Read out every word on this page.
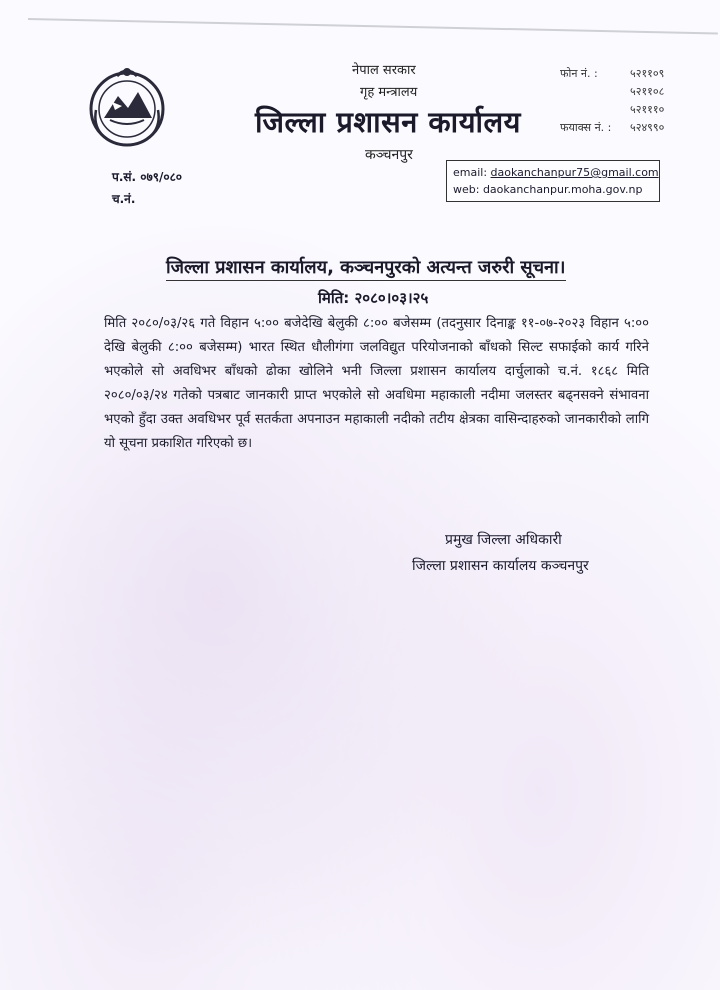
नेपाल सरकार
गृह मन्त्रालय
जिल्ला प्रशासन कार्यालय
कञ्चनपुर
फोन नं. :	५२११०९
५२११०८
५२१११०
फयाक्स नं. : ५२४९९०
प.सं. ०७९/०८०
च.नं.
email: daokanchanpur75@gmail.com
web: daokanchanpur.moha.gov.np
जिल्ला प्रशासन कार्यालय, कञ्चनपुरको अत्यन्त जरुरी सूचना।
मिति: २०८०।०३।२५
मिति २०८०/०३/२६ गते विहान ५:०० बजेदेखि बेलुकी ८:०० बजेसम्म (तदनुसार दिनाङ्क ११-०७-२०२३ विहान ५:०० देखि बेलुकी ८:०० बजेसम्म) भारत स्थित धौलीगंगा जलविद्युत परियोजनाको बाँधको सिल्ट सफाईको कार्य गरिने भएकोले सो अवधिभर बाँधको ढोका खोलिने भनी जिल्ला प्रशासन कार्यालय दार्चुलाको च.नं. १८६८ मिति २०८०/०३/२४ गतेको पत्रबाट जानकारी प्राप्त भएकोले सो अवधिमा महाकाली नदीमा जलस्तर बढ्नसक्ने संभावना भएको हुँदा उक्त अवधिभर पूर्व सतर्कता अपनाउन महाकाली नदीको तटीय क्षेत्रका वासिन्दाहरुको जानकारीको लागि यो सूचना प्रकाशित गरिएको छ।
प्रमुख जिल्ला अधिकारी
जिल्ला प्रशासन कार्यालय कञ्चनपुर
